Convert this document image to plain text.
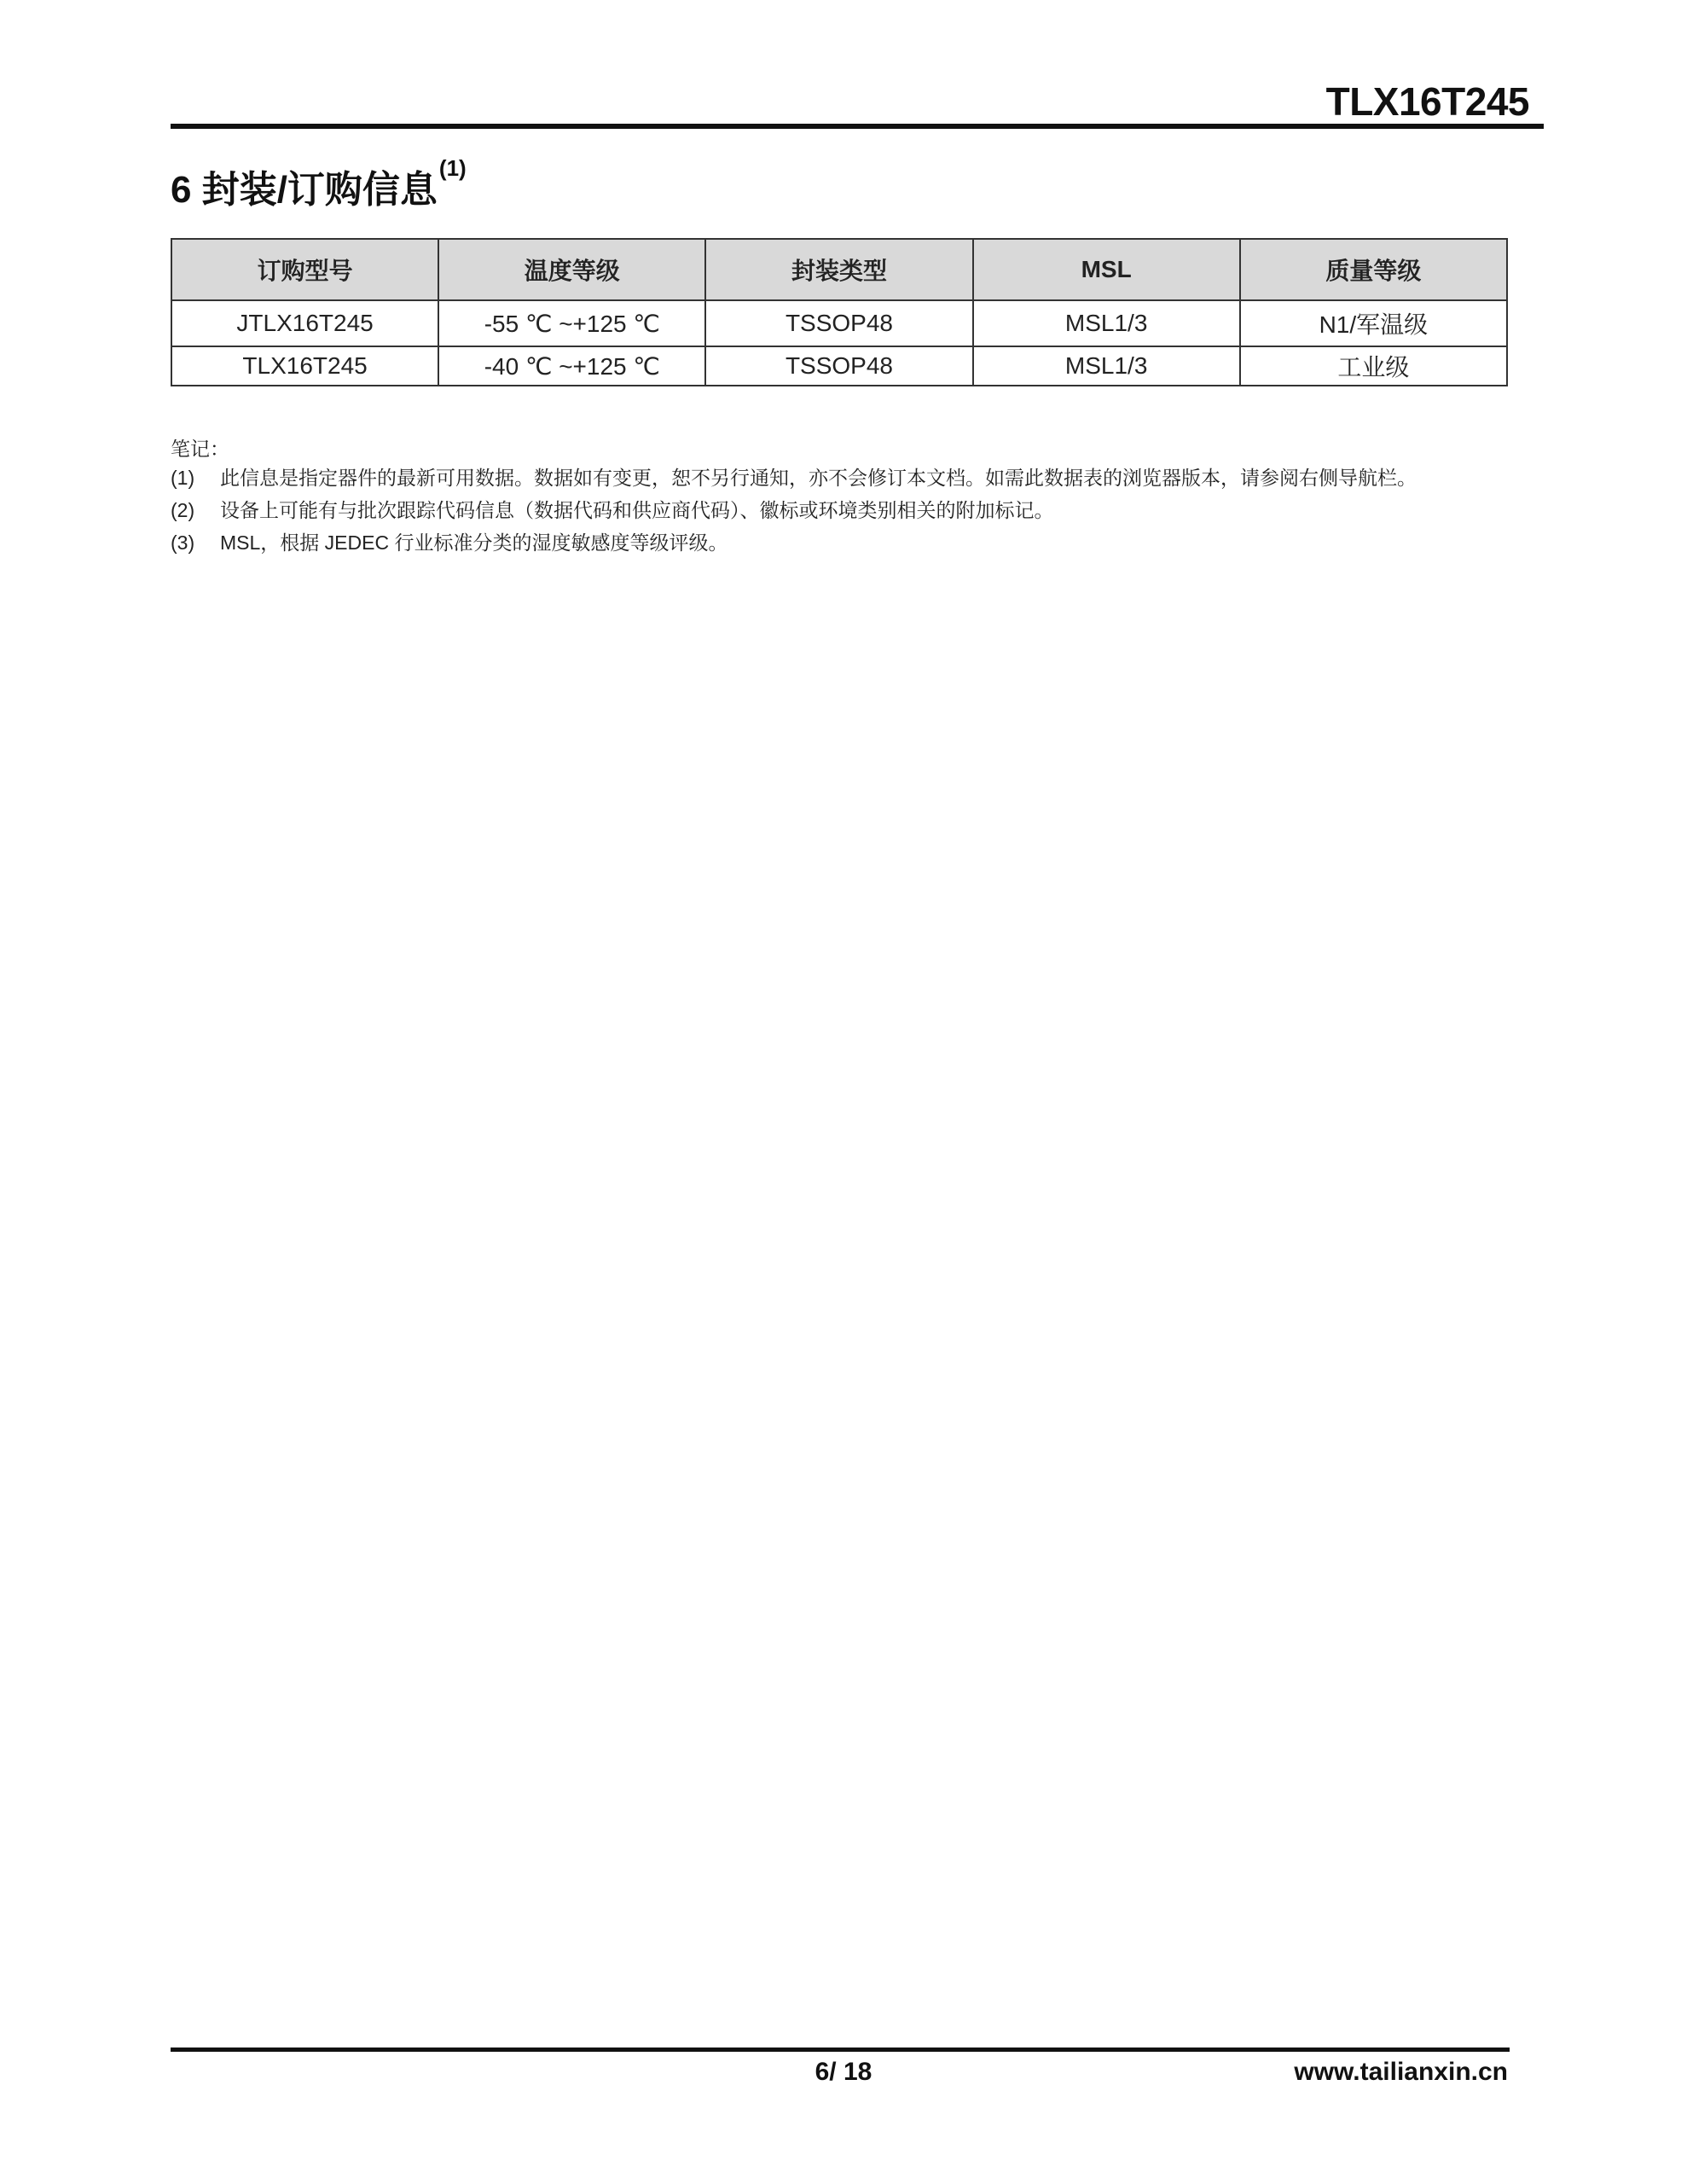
TLX16T245
6 封装/订购信息
$^{(1)}$
订购型号	温度等级	封装类型	MSL	质量等级
JTLX16T245	-55 ℃ ~+125 ℃	TSSOP48	MSL1/3	N1/军温级
TLX16T245	-40 ℃ ~+125 ℃	TSSOP48	MSL1/3	工业级
笔记：
(1)	此信息是指定器件的最新可用数据。数据如有变更，恕不另行通知，亦不会修订本文档。如需此数据表的浏览器版本，请参阅右侧导航栏。
(2)	设备上可能有与批次跟踪代码信息（数据代码和供应商代码）、徽标或环境类别相关的附加标记。
(3)	MSL，根据 JEDEC 行业标准分类的湿度敏感度等级评级。
6/ 18	www.tailianxin.cn
